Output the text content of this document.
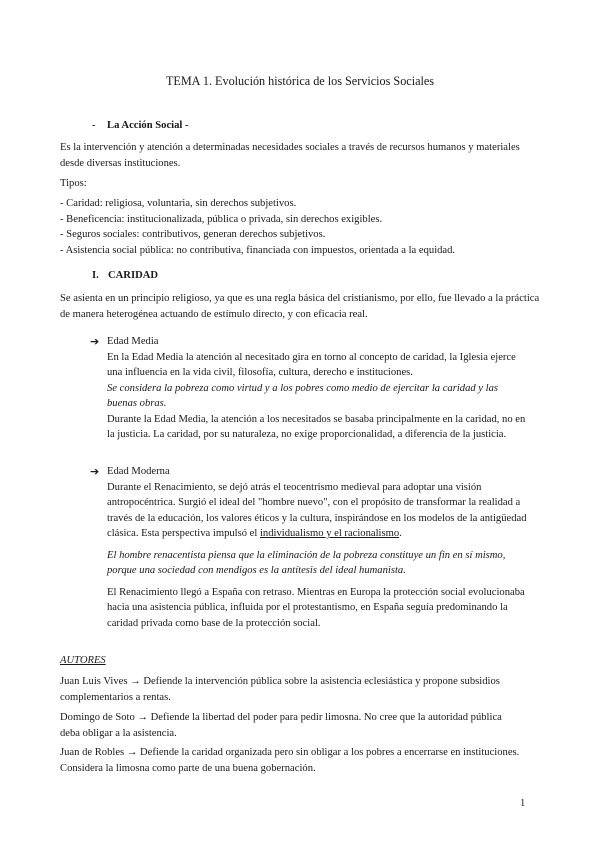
TEMA 1. Evolución histórica de los Servicios Sociales

- La Acción Social -

Es la intervención y atención a determinadas necesidades sociales a través de recursos humanos y materiales desde diversas instituciones.

Tipos:

- Caridad: religiosa, voluntaria, sin derechos subjetivos.
- Beneficencia: institucionalizada, pública o privada, sin derechos exigibles.
- Seguros sociales: contributivos, generan derechos subjetivos.
- Asistencia social pública: no contributiva, financiada con impuestos, orientada a la equidad.

I. CARIDAD

Se asienta en un principio religioso, ya que es una regla básica del cristianismo, por ello, fue llevado a la práctica de manera heterogénea actuando de estímulo directo, y con eficacia real.

➔ Edad Media
En la Edad Media la atención al necesitado gira en torno al concepto de caridad, la Iglesia ejerce una influencia en la vida civil, filosofía, cultura, derecho e instituciones.
Se considera la pobreza como virtud y a los pobres como medio de ejercitar la caridad y las buenas obras.
Durante la Edad Media, la atención a los necesitados se basaba principalmente en la caridad, no en la justicia. La caridad, por su naturaleza, no exige proporcionalidad, a diferencia de la justicia.
➔ Edad Moderna
Durante el Renacimiento, se dejó atrás el teocentrismo medieval para adoptar una visión antropocéntrica. Surgió el ideal del "hombre nuevo", con el propósito de transformar la realidad a través de la educación, los valores éticos y la cultura, inspirándose en los modelos de la antigüedad clásica. Esta perspectiva impulsó el individualismo y el racionalismo.
El hombre renacentista piensa que la eliminación de la pobreza constituye un fin en sí mismo, porque una sociedad con mendigos es la antítesis del ideal humanista.
El Renacimiento llegó a España con retraso. Mientras en Europa la protección social evolucionaba hacia una asistencia pública, influida por el protestantismo, en España seguía predominando la caridad privada como base de la protección social.

AUTORES

Juan Luis Vives → Defiende la intervención pública sobre la asistencia eclesiástica y propone subsidios complementarios a rentas.

Domingo de Soto → Defiende la libertad del poder para pedir limosna. No cree que la autoridad pública deba obligar a la asistencia.

Juan de Robles → Defiende la caridad organizada pero sin obligar a los pobres a encerrarse en instituciones. Considera la limosna como parte de una buena gobernación.

1
